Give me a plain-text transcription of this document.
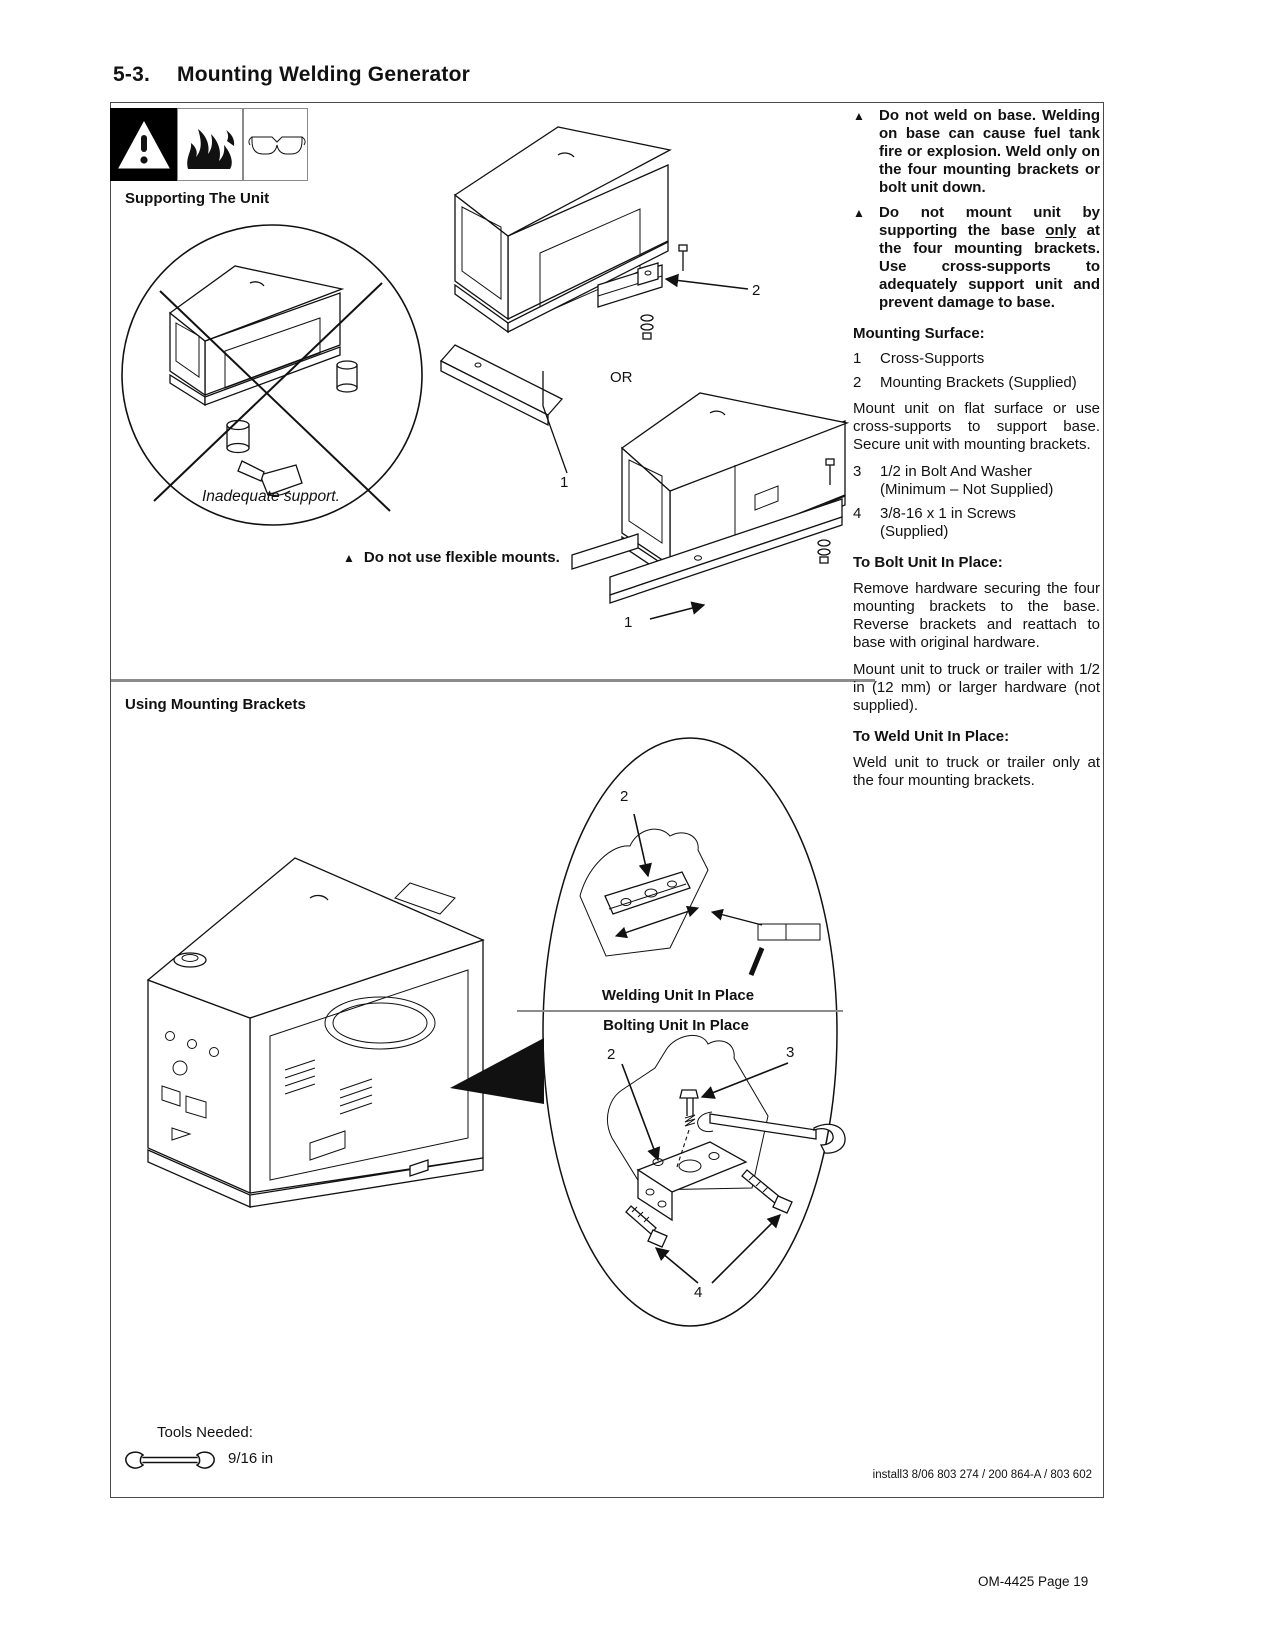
5-3. Mounting Welding Generator
Supporting The Unit
Inadequate support.
▲ Do not use flexible mounts.
OR
1
1
2
Using Mounting Brackets
2
Welding Unit In Place
Bolting Unit In Place
2	3
4
Tools Needed:
9/16 in
install3 8/06 803 274 / 200 864-A / 803 602
▲ Do not weld on base. Welding on base can cause fuel tank fire or explosion. Weld only on the four mounting brackets or bolt unit down.
▲ Do not mount unit by supporting the base only at the four mounting brackets. Use cross-supports to adequately support unit and prevent damage to base.
Mounting Surface:
1	Cross-Supports
2	Mounting Brackets (Supplied)
Mount unit on flat surface or use cross-supports to support base. Secure unit with mounting brackets.
3	1/2 in Bolt And Washer
(Minimum – Not Supplied)
4	3/8-16 x 1 in Screws
(Supplied)
To Bolt Unit In Place:
Remove hardware securing the four mounting brackets to the base. Reverse brackets and reattach to base with original hardware.
Mount unit to truck or trailer with 1/2 in (12 mm) or larger hardware (not supplied).
To Weld Unit In Place:
Weld unit to truck or trailer only at the four mounting brackets.
OM-4425 Page 19
